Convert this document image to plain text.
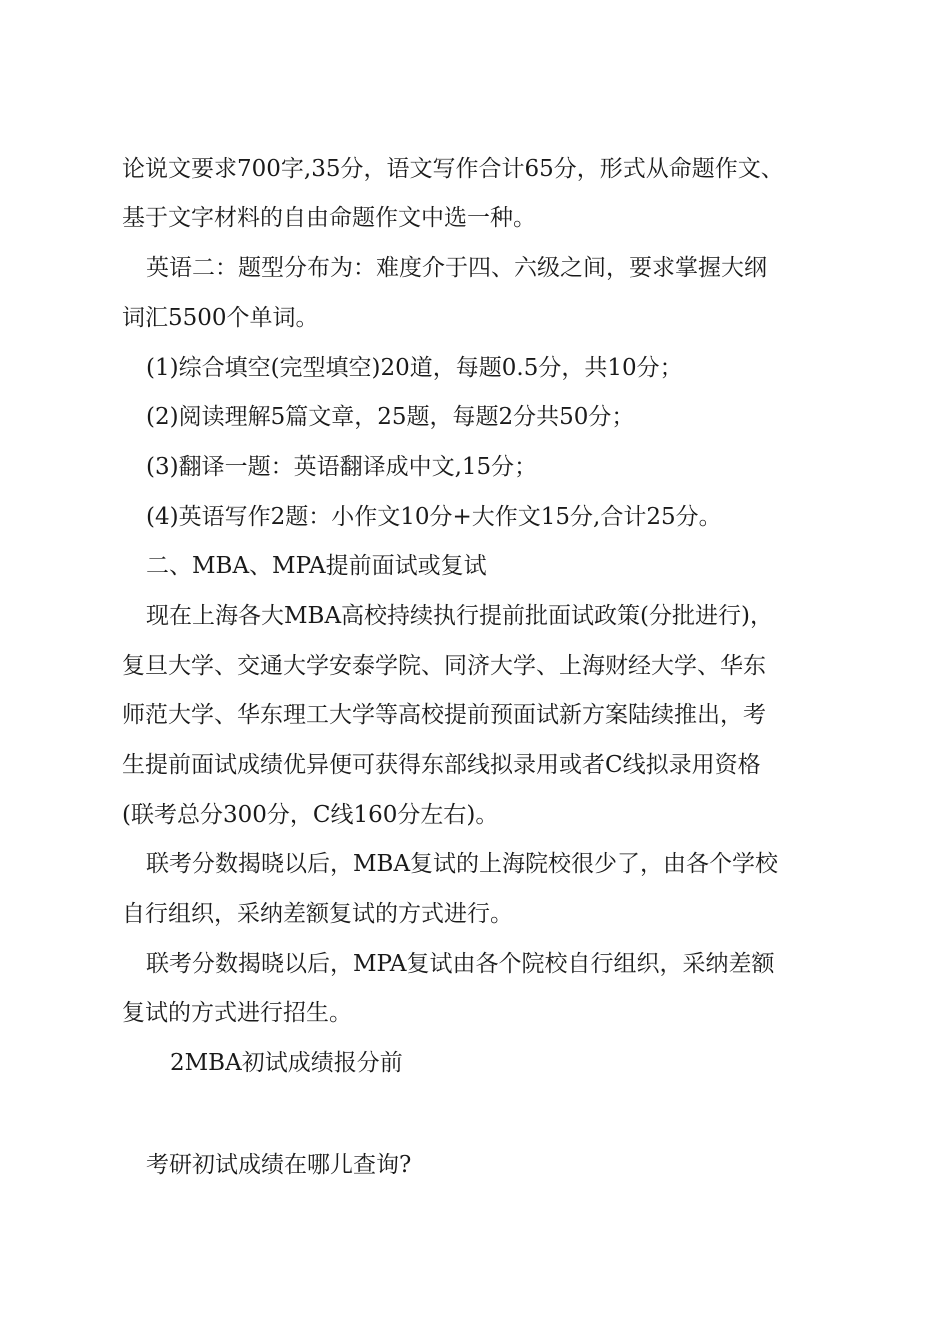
论说文要求700字,35分，语文写作合计65分，形式从命题作文、
基于文字材料的自由命题作文中选一种。
英语二：题型分布为：难度介于四、六级之间，要求掌握大纲
词汇5500个单词。
(1)综合填空(完型填空)20道，每题0.5分，共10分；
(2)阅读理解5篇文章，25题，每题2分共50分；
(3)翻译一题：英语翻译成中文,15分；
(4)英语写作2题：小作文10分+大作文15分,合计25分。
二、MBA、MPA提前面试或复试
现在上海各大MBA高校持续执行提前批面试政策(分批进行)，
复旦大学、交通大学安泰学院、同济大学、上海财经大学、华东
师范大学、华东理工大学等高校提前预面试新方案陆续推出，考
生提前面试成绩优异便可获得东部线拟录用或者C线拟录用资格
(联考总分300分，C线160分左右)。
联考分数揭晓以后，MBA复试的上海院校很少了，由各个学校
自行组织，采纳差额复试的方式进行。
联考分数揭晓以后，MPA复试由各个院校自行组织，采纳差额
复试的方式进行招生。
2MBA初试成绩报分前
考研初试成绩在哪儿查询?
